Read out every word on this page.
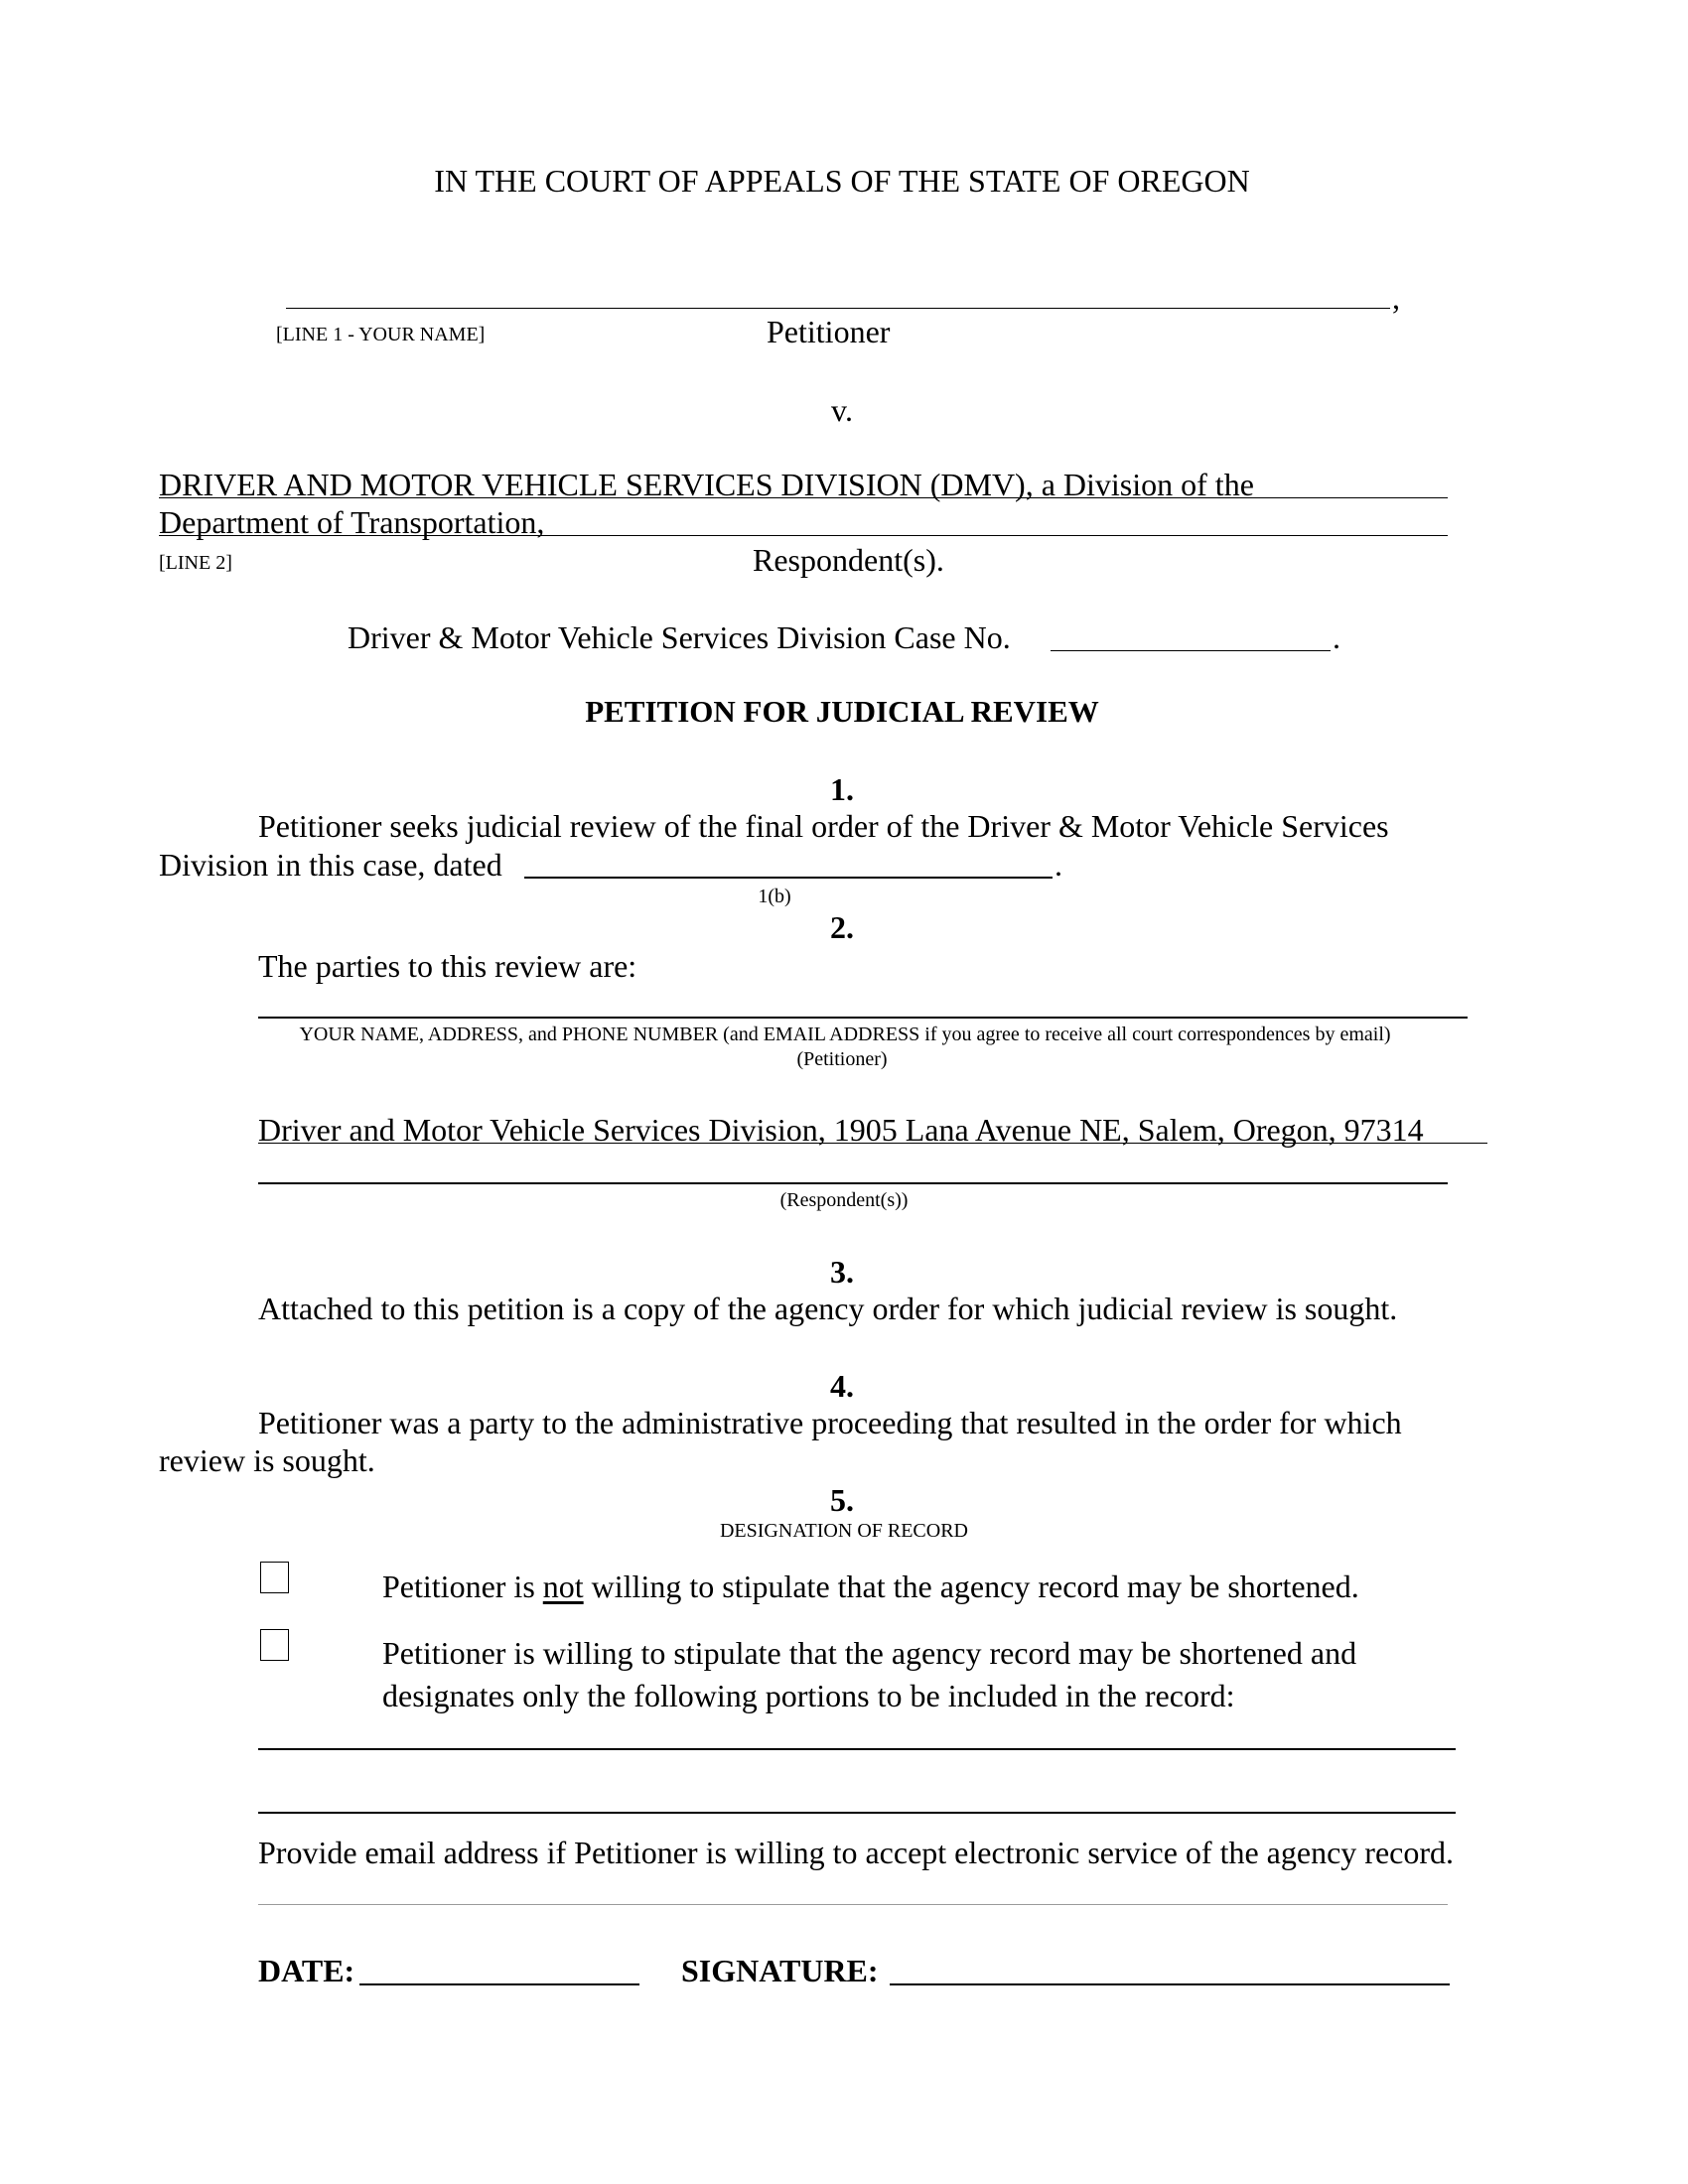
IN THE COURT OF APPEALS OF THE STATE OF OREGON
,
[LINE 1 - YOUR NAME]	Petitioner
v.
DRIVER AND MOTOR VEHICLE SERVICES DIVISION (DMV), a Division of the
Department of Transportation,
[LINE 2]	Respondent(s).
Driver & Motor Vehicle Services Division Case No.	.
PETITION FOR JUDICIAL REVIEW
1.
Petitioner seeks judicial review of the final order of the Driver & Motor Vehicle Services
Division in this case, dated	.
1(b)
2.
The parties to this review are:
YOUR NAME, ADDRESS, and PHONE NUMBER (and EMAIL ADDRESS if you agree to receive all court correspondences by email)
(Petitioner)
Driver and Motor Vehicle Services Division, 1905 Lana Avenue NE, Salem, Oregon, 97314
(Respondent(s))
3.
Attached to this petition is a copy of the agency order for which judicial review is sought.
4.
Petitioner was a party to the administrative proceeding that resulted in the order for which
review is sought.
5.
DESIGNATION OF RECORD
Petitioner is not willing to stipulate that the agency record may be shortened.
Petitioner is willing to stipulate that the agency record may be shortened and
designates only the following portions to be included in the record:
Provide email address if Petitioner is willing to accept electronic service of the agency record.
DATE:	SIGNATURE:
